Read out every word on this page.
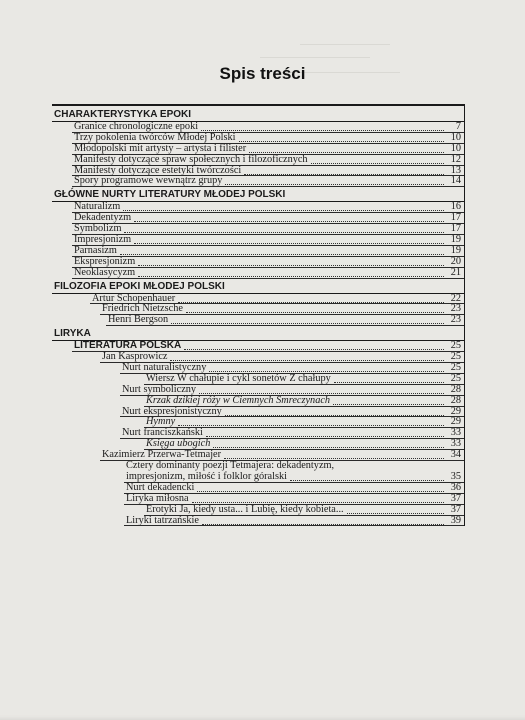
Spis treści
CHARAKTERYSTYKA EPOKI
Granice chronologiczne epoki	7
Trzy pokolenia twórców Młodej Polski	10
Młodopolski mit artysty – artysta i filister	10
Manifesty dotyczące spraw społecznych i filozoficznych	12
Manifesty dotyczące estetyki twórczości	13
Spory programowe wewnątrz grupy	14
GŁÓWNE NURTY LITERATURY MŁODEJ POLSKI
Naturalizm	16
Dekadentyzm	17
Symbolizm	17
Impresjonizm	19
Parnasizm	19
Ekspresjonizm	20
Neoklasycyzm	21
FILOZOFIA EPOKI MŁODEJ POLSKI
Artur Schopenhauer	22
Friedrich Nietzsche	23
Henri Bergson	23
LIRYKA
LITERATURA POLSKA	25
Jan Kasprowicz	25
Nurt naturalistyczny	25
Wiersz W chałupie i cykl sonetów Z chałupy	25
Nurt symboliczny	28
Krzak dzikiej róży w Ciemnych Smreczynach	28
Nurt ekspresjonistyczny	29
Hymny	29
Nurt franciszkański	33
Księga ubogich	33
Kazimierz Przerwa-Tetmajer	34
Cztery dominanty poezji Tetmajera: dekadentyzm,
impresjonizm, miłość i folklor góralski	35
Nurt dekadencki	36
Liryka miłosna	37
Erotyki Ja, kiedy usta... i Lubię, kiedy kobieta...	37
Liryki tatrzańskie	39
